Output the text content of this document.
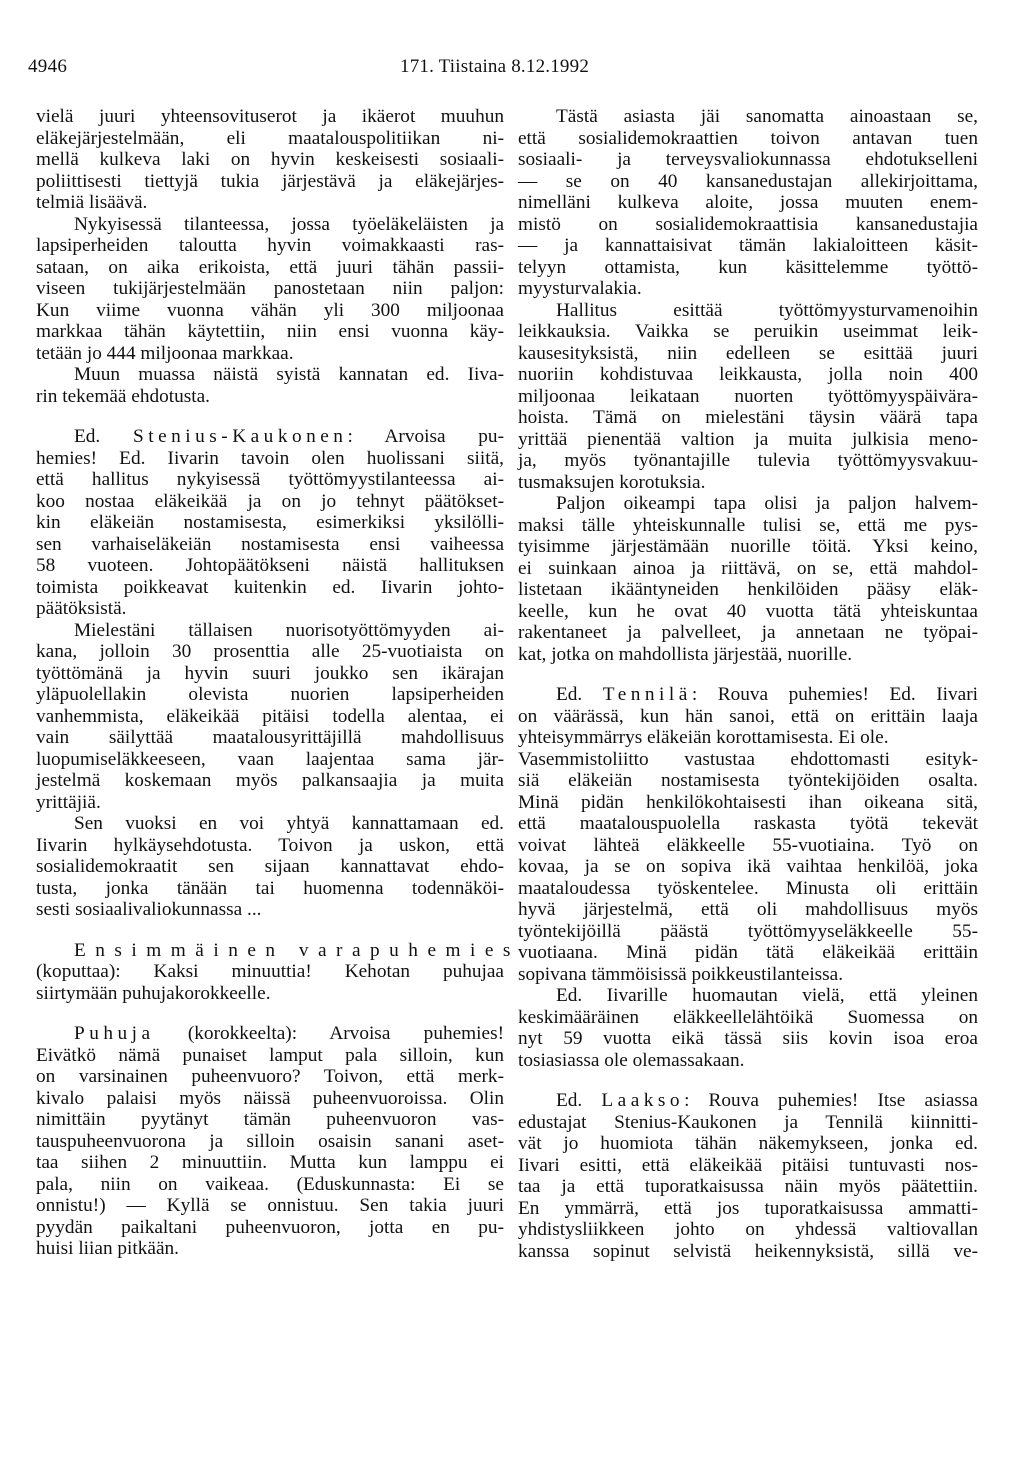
4946	171. Tiistaina 8.12.1992
vielä juuri yhteensovituserot ja ikäerot muuhun
eläkejärjestelmään, eli maatalouspolitiikan ni-
mellä kulkeva laki on hyvin keskeisesti sosiaali-
poliittisesti tiettyjä tukia järjestävä ja eläkejärjes-
telmiä lisäävä.
Nykyisessä tilanteessa, jossa työeläkeläisten ja
lapsiperheiden taloutta hyvin voimakkaasti ras-
sataan, on aika erikoista, että juuri tähän passii-
viseen tukijärjestelmään panostetaan niin paljon:
Kun viime vuonna vähän yli 300 miljoonaa
markkaa tähän käytettiin, niin ensi vuonna käy-
tetään jo 444 miljoonaa markkaa.
Muun muassa näistä syistä kannatan ed. Iiva-
rin tekemää ehdotusta.
Ed. Stenius-Kaukonen: Arvoisa pu-
hemies! Ed. Iivarin tavoin olen huolissani siitä,
että hallitus nykyisessä työttömyystilanteessa ai-
koo nostaa eläkeikää ja on jo tehnyt päätökset-
kin eläkeiän nostamisesta, esimerkiksi yksilölli-
sen varhaiseläkeiän nostamisesta ensi vaiheessa
58 vuoteen. Johtopäätökseni näistä hallituksen
toimista poikkeavat kuitenkin ed. Iivarin johto-
päätöksistä.
Mielestäni tällaisen nuorisotyöttömyyden ai-
kana, jolloin 30 prosenttia alle 25-vuotiaista on
työttömänä ja hyvin suuri joukko sen ikärajan
yläpuolellakin olevista nuorien lapsiperheiden
vanhemmista, eläkeikää pitäisi todella alentaa, ei
vain säilyttää maatalousyrittäjillä mahdollisuus
luopumiseläkkeeseen, vaan laajentaa sama jär-
jestelmä koskemaan myös palkansaajia ja muita
yrittäjiä.
Sen vuoksi en voi yhtyä kannattamaan ed.
Iivarin hylkäysehdotusta. Toivon ja uskon, että
sosialidemokraatit sen sijaan kannattavat ehdo-
tusta, jonka tänään tai huomenna todennäköi-
sesti sosiaalivaliokunnassa ...
Ensimmäinen varapuhemies
(koputtaa): Kaksi minuuttia! Kehotan puhujaa
siirtymään puhujakorokkeelle.
Puhuja (korokkeelta): Arvoisa puhemies!
Eivätkö nämä punaiset lamput pala silloin, kun
on varsinainen puheenvuoro? Toivon, että merk-
kivalo palaisi myös näissä puheenvuoroissa. Olin
nimittäin pyytänyt tämän puheenvuoron vas-
tauspuheenvuorona ja silloin osaisin sanani aset-
taa siihen 2 minuuttiin. Mutta kun lamppu ei
pala, niin on vaikeaa. (Eduskunnasta: Ei se
onnistu!) — Kyllä se onnistuu. Sen takia juuri
pyydän paikaltani puheenvuoron, jotta en pu-
huisi liian pitkään.
Tästä asiasta jäi sanomatta ainoastaan se,
että sosialidemokraattien toivon antavan tuen
sosiaali- ja terveysvaliokunnassa ehdotukselleni
— se on 40 kansanedustajan allekirjoittama,
nimelläni kulkeva aloite, jossa muuten enem-
mistö on sosialidemokraattisia kansanedustajia
— ja kannattaisivat tämän lakialoitteen käsit-
telyyn ottamista, kun käsittelemme työttö-
myysturvalakia.
Hallitus esittää työttömyysturvamenoihin
leikkauksia. Vaikka se peruikin useimmat leik-
kausesityksistä, niin edelleen se esittää juuri
nuoriin kohdistuvaa leikkausta, jolla noin 400
miljoonaa leikataan nuorten työttömyyspäivära-
hoista. Tämä on mielestäni täysin väärä tapa
yrittää pienentää valtion ja muita julkisia meno-
ja, myös työnantajille tulevia työttömyysvakuu-
tusmaksujen korotuksia.
Paljon oikeampi tapa olisi ja paljon halvem-
maksi tälle yhteiskunnalle tulisi se, että me pys-
tyisimme järjestämään nuorille töitä. Yksi keino,
ei suinkaan ainoa ja riittävä, on se, että mahdol-
listetaan ikääntyneiden henkilöiden pääsy eläk-
keelle, kun he ovat 40 vuotta tätä yhteiskuntaa
rakentaneet ja palvelleet, ja annetaan ne työpai-
kat, jotka on mahdollista järjestää, nuorille.
Ed. Tennilä: Rouva puhemies! Ed. Iivari
on väärässä, kun hän sanoi, että on erittäin laaja
yhteisymmärrys eläkeiän korottamisesta. Ei ole.
Vasemmistoliitto vastustaa ehdottomasti esityk-
siä eläkeiän nostamisesta työntekijöiden osalta.
Minä pidän henkilökohtaisesti ihan oikeana sitä,
että maatalouspuolella raskasta työtä tekevät
voivat lähteä eläkkeelle 55-vuotiaina. Työ on
kovaa, ja se on sopiva ikä vaihtaa henkilöä, joka
maataloudessa työskentelee. Minusta oli erittäin
hyvä järjestelmä, että oli mahdollisuus myös
työntekijöillä päästä työttömyyseläkkeelle 55-
vuotiaana. Minä pidän tätä eläkeikää erittäin
sopivana tämmöisissä poikkeustilanteissa.
Ed. Iivarille huomautan vielä, että yleinen
keskimääräinen eläkkeellelähtöikä Suomessa on
nyt 59 vuotta eikä tässä siis kovin isoa eroa
tosiasiassa ole olemassakaan.
Ed. Laakso: Rouva puhemies! Itse asiassa
edustajat Stenius-Kaukonen ja Tennilä kiinnitti-
vät jo huomiota tähän näkemykseen, jonka ed.
Iivari esitti, että eläkeikää pitäisi tuntuvasti nos-
taa ja että tuporatkaisussa näin myös päätettiin.
En ymmärrä, että jos tuporatkaisussa ammatti-
yhdistysliikkeen johto on yhdessä valtiovallan
kanssa sopinut selvistä heikennyksistä, sillä ve-
